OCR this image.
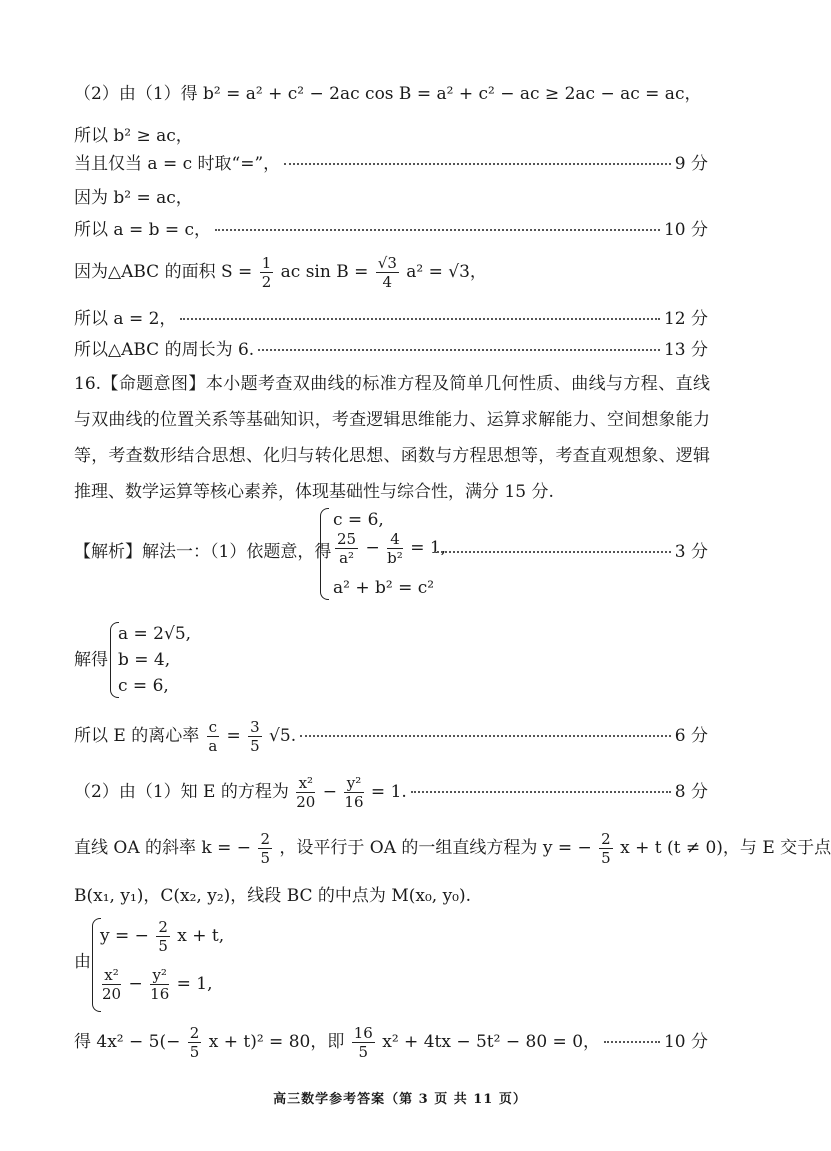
（2）由（1）得 b² = a² + c² − 2ac cos B = a² + c² − ac ≥ 2ac − ac = ac，
所以 b² ≥ ac，
当且仅当 a = c 时取“=”，	9 分
因为 b² = ac，
所以 a = b = c，	10 分
因为△ABC 的面积 $S = \frac{1}{2}$ ac $\sin B = \frac{√3}{4} a^2 = √3$，
所以 a = 2，	12 分
所以△ABC 的周长为 6.	13 分
16.【命题意图】本小题考查双曲线的标准方程及简单几何性质、曲线与方程、直线与双曲线的位置关系等基础知识，考查逻辑思维能力、运算求解能力、空间想象能力等，考查数形结合思想、化归与转化思想、函数与方程思想等，考查直观想象、逻辑推理、数学运算等核心素养，体现基础性与综合性，满分 15 分.
【解析】解法一：（1）依题意，得
c = 6,
$\frac{25}{\text{a²}} - \frac{4}{\text{b²}} = 1$,
a² + b² = c²
3 分
解得
a = 2√5,
b = 4,
c = 6,
所以 E 的离心率 $\frac{c}{a} = \frac{3}{5} √5$.	6 分
（2）由（1）知 E 的方程为 $\frac{\text{x²}}{20} - \frac{\text{y²}}{16} = 1$.	8 分
直线 OA 的斜率 k = − $\frac{2}{5}$ ，设平行于 OA 的一组直线方程为 y = − $\frac{2}{5}$ x + t (t ≠ 0)，与 E 交于点
B(x₁, y₁)，C(x₂, y₂)，线段 BC 的中点为 M(x₀, y₀).
由
y = − $\frac{2}{5}$ x + t,
$\frac{\text{x²}}{20} - \frac{\text{y²}}{16} = 1$,
得 $4x^2 - 5(- \frac{2}{5}$ x + t)² = 80，即 $\frac{16}{5} x^2 + 4tx - 5t^2 - 80 = 0$，	10 分
高三数学参考答案（第 3 页 共 11 页）
